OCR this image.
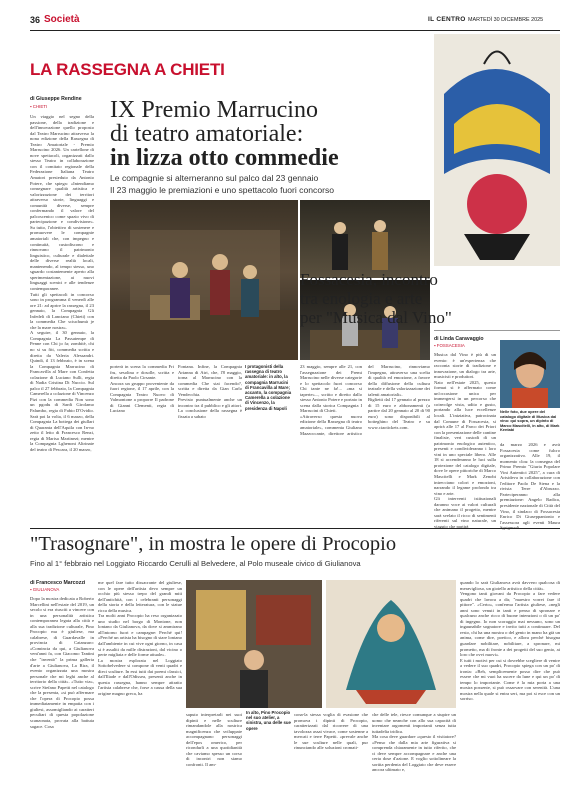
36 Società	IL CENTRO MARTEDÌ 30 DICEMBRE 2025
LA RASSEGNA A CHIETI
di Giuseppe Rendine
▪ CHIETI
Un viaggio nel segno della passione, della tradizione e dell'innovazione quello proposto dal Teatro Marrucino attraverso la nona edizione della Rassegna di Teatro Amatoriale - Premio Marrucino 2026. Un cartellone di nove spettacoli, organizzati dallo stesso Teatro in collaborazione con il comitato regionale della Federazione Italiana Teatro Amatori presieduto da Antonio Potere, che spiega: «Intendiamo consegnare qualità artistica e valorizzazione dei territori attraverso storie, linguaggi e comunità diverse, sempre confermando il valore del palcoscenico come spazio vivo di partecipazione e condivisione». Su tutto, l'obiettivo di sostenere e promuovere le compagnie amatoriali che, con impegno e continuità, custodiscono e rinnovano il patrimonio linguistico, culturale e dialettale delle diverse realtà locali, mantenendo, al tempo stesso, uno sguardo costantemente aperto alla sperimentazione, ai nuovi linguaggi scenici e alle tendenze contemporanee.
Tutti gli spettacoli in concorso sono in programma il venerdì alle ore 21: ad aprire la rassegna, il 23 gennaio, la Compagnia Gli Infedeli di Lanciano (Chieti) con la commedia Che sciuchumà je che la mare nostra».
A seguire, il 30 gennaio, la Compagnia La Passatempe di Penne con Chi jo fa; zombitè, chi no si su fitt, commedia scritta e diretta da Valeria Alessandri. Quindi, il 13 febbraio, è in scena la Compagnia Marrucino di Francavilla al Mare con Confetta colazione di Luciano Sulli, regia di Nadia Cristina Di Nuccio. Sul palco il 27 febbraio, la Compagnia Camerella a colazione di Vincenzo Pizi con la commedia Non sono un pgodu di Sardi Girolamo Palumbo, regia di Fabio D'Ovidio. Sarà poi la volta, il 6 marzo, della Compagnia La bottega dei giullari di Quaranta dell'Aquila con In-no zetto il letto di Francesco Renzi, regia di Marisa Martinezi; mentre la Compagnia Lghenoni Altrinate del teatro di Pescara, il 20 marzo,
IX Premio Marrucino
di teatro amatoriale:
in lizza otto commedie
Le compagnie si alterneranno sul palco dal 23 gennaio
Il 23 maggio le premiazioni e uno spettacolo fuori concorso
I protagonisti della rassegna di teatro amatoriale: in alto, la compagnia Marrucini di Francavilla al Mare; accanto, la compagnia Camerella a colazione di Vincenzo, la presidenza di Napoli
porterà in scena la commedia Fri fru, sesolina e dosolle, scritta e diretta da Paolo Cirsante.
Ancora un gruppo proveniente da fuori regione, il 17 aprile, con la Compagnia Teatro Nuovo di Valmontone a proporre Il padrone di Gianni Clementi, regia di Luciano
Fontana. Infine, la Compagnia Arianna di Atri, che, l'8 maggio, torna al Marrucino con la commedia Che stai facendo?, scritta e diretta da Gian Carlo Vendecchia.
Previsto puntualmente anche un incontro tra il pubblico e gli attori. La conclusione della rassegna è fissata a sabato
23 maggio, sempre alle 21, con l'assegnazione dei Premi Marrucino nelle diverse categorie e lo spettacolo fuori concorso Chi tante ne fa!... «ma si taperte»..., scritto e diretto dallo stesso Antonio Potere e portato in scena dalla storica Compagnia I Marrucini di Chieti.
«Attraverso questa nuova edizione della Rassegna di teatro amatoriale», commenta Giuliano Mazzoccante, direttore artistico del Marrucino, rinnoviamo l'impegno, attraverso una scelta di qualità ed emozione, a favore della diffusione della cultura teatrale e della valorizzazione dei talenti amatoriali».
Biglietti dal 17 gennaio al prezzo di 15 euro e abbonamenti (a partire dal 20 gennaio al 20 di 90 euro) sono disponibili al botteghino del Teatro e su www.ciaotickets.com.
Fossacesia, incontro
tra enologia e arte
per "Musica dal Vino"
di Linda Caravaggio
▪ FOSSACESIA
Musica dal Vino è più di un evento: è un'esperienza che racconta storie di tradizione e innovazione, un dialogo tra arte, musicisti e produttori.
Nato nell'estate 2025, questo format si è affermato come un'occasione unica per immergersi in un percorso che coinvolge vista, udito e gusto, portando alla luce eccellenze locali. L'iniziativa, patrocinata dal Comune di Fossacesia, si aprirà alle 17 al Parco dei Priori con la presentazione delle cantine finaliste, veri custodi di un patrimonio enologico autentico, presenti e condivideranno i loro vini in uno speciale libero. Alle 18 si accenderanno le luci sulla protezione del catalogo digitale, dove le opere pittoriche di Marco Mascitelli e Mark Zenobi intrecciano colori e emozioni, narrando il legame profondo tra vino e arte.
Gli interventi istituzionali daranno voce ai valori culturali che animano il progetto, mentre sarà svelato il ricco di sentimenti riferenti sul vino naturale, un viaggio che partirà
Nelle foto, due opere del catalogo digitale di Musica dal vino: qui sopra, un dipinto di Marco Mascitelli, in alto, di Mark Kentabi
da marzo 2026 e avrà Fossacesia come fulcro organizzativo. Alle 19, il momento clou: la consegna del Primo Premio "Giuria Popolare Vini Autentici 2025", a cura di Artsideva in collaborazione con l'editore Paolo De Siena e la rivista Terre d'Abruzzo. Parteciperanno alla premiazione: Angelo Radica, presidente nazionale di Città del Vino, il sindaco di Fossacesia Enrico Di Giuseppantonio e l'assessora agli eventi Maura Sgrignuoli.
"Trasognare", in mostra le opere di Procopio
Fino al 1° febbraio nel Loggiato Riccardo Cerulli al Belvedere, al Polo museale civico di Giulianova
di Francesco Marcozzi
▪ GIULIANOVA
Dopo la mostra dedicata a Roberto Marcellini nell'estate del 2019, un secolo si era riusciti a vincere con in una personalità artistica contemporanea legata alla città e alla sua tradizione culturale, Pino Procopio ma è giuliese, ma calabrese, di Guardavalle in provincia di Catanzaro: «Comincia da qui, a Giulianova vent'anni fa, con Giacomo Tantini che "inventò" la prima galleria d'arte a Giulianova, La Rira, il evento organizzata una mostra personale che mi leghi anche al territorio della città». «Tutto via», scrive Stefano Papetti nel catalogo che la presenta, «si può affermare che l'opera di Procopio possa immediatamente in empatia con i giuliesi, assomigliando ai caratteri peculiari di questa popolazione scanzonata, provata alla battuta sagace. Cosa
me quel fare tutto dissacrante del giuliese, con le opere dell'artista devo sempre un occhio più stesso trepo del grandi miti dell'antichità, con i celebranti personaggi della storia e della letteratura, con le statue ricca della musica.
Tra molti anni Procopio ha reso organizzato uno studio nel borgo di Montone, non lontano da Giulianova, da dove si ammirano all'intorno fuori e campagne: Perché qui! «Perché un artista ha bisogno di stare lontano dall'ambiente in cui vive ogni giorno, in casa si è assaliti da mille distrazioni, dal vicino o perte migliaia e delle forme attuale».
La mostra esplorata nel Loggiato Sottobelvedere si compone di venti quadri e dieci sculture. In essi tutti dai poemi classici, dall'Iliade e dall'Odissea, presenti anche in questa rassegna, hanno sempre attratto l'artista calabrese che, forse a causa della sua origine magno greca, ha
In alto, Pino Procopio nel suo atelier, a sinistra, una delle sue opere
saputo interpretarli nei suoi dipinti e nelle sculture rimandandole alla nostrica magnificenza che sviluppate accompagnano personaggi dell'epos omerico, per ricondurli a una quotidianità che caviamo spesso un corso di incontri non siamo confronti. Il am-
cona-la stessa voglia di evasione che promova i dipinti di Procopio, caratterizzati dal ricorrere di una tavolozza assai vivace, come sostenne a mercati e terre Papetti. «prevale anche le sue sculture nelle quali, pur rinunciando alle soluzioni cromati-
che delle tele, riesce comunque a stupire un uomo che neanche con allo sua capacità di inventare argomenti importanti senza tutta tuttadelia tridica.
Ma cosa deve guardare «questo il visitatore? «Penso che dalla mia arte figurativa si comprenda chiaramente in tutto riferito, che ci deve sempre accompagnare e anche una certa dose d'azione. E voglio sottolineare la sortita perdenta del Loggiato che deve essere ancora ultimato e,
quando lo sarà Giulianova avrà davvero qualcosa di meraviglioso, un gioiello artistico della città».
Vengono tanti giovani da Procopio a fare vedere quadri che lavora a dir, "maestro vorrei fare il pittore". «Certo», conferma l'artista giuliese, «negli anni sono venuti in tanti e penso di spronare e qualcuno anche ricco di buone intenzioni o di un po' di ingegno. Io non scoraggio mai nessuno, sono un ingaunabile sognatore e invito tutti a continuare. Del resto, chi ha una mostra o del genio in mano ha già un anima, come dire, poetico, e allora perché bisogna guardare nobilitare, nobilitare, a spronare, mi prometto, ma di fronte a dei progetti del suo genio, ai loro che ovvi nuovi».
E tutti i motivi per cui si dovrebbe scegliere di venire a vedere il suo quadri, Procopio spiega con un po' di ironia: «Beh, semplicemente posso dire che può essere che mi vuoi ha uscere da lune e qui un po' di tempo lo importante. Come è la mia porta a una mostra possente, si può ossarvare con serenità. L'una mostra nella quale si entra seri, ma poi si esce con un sorriso.
